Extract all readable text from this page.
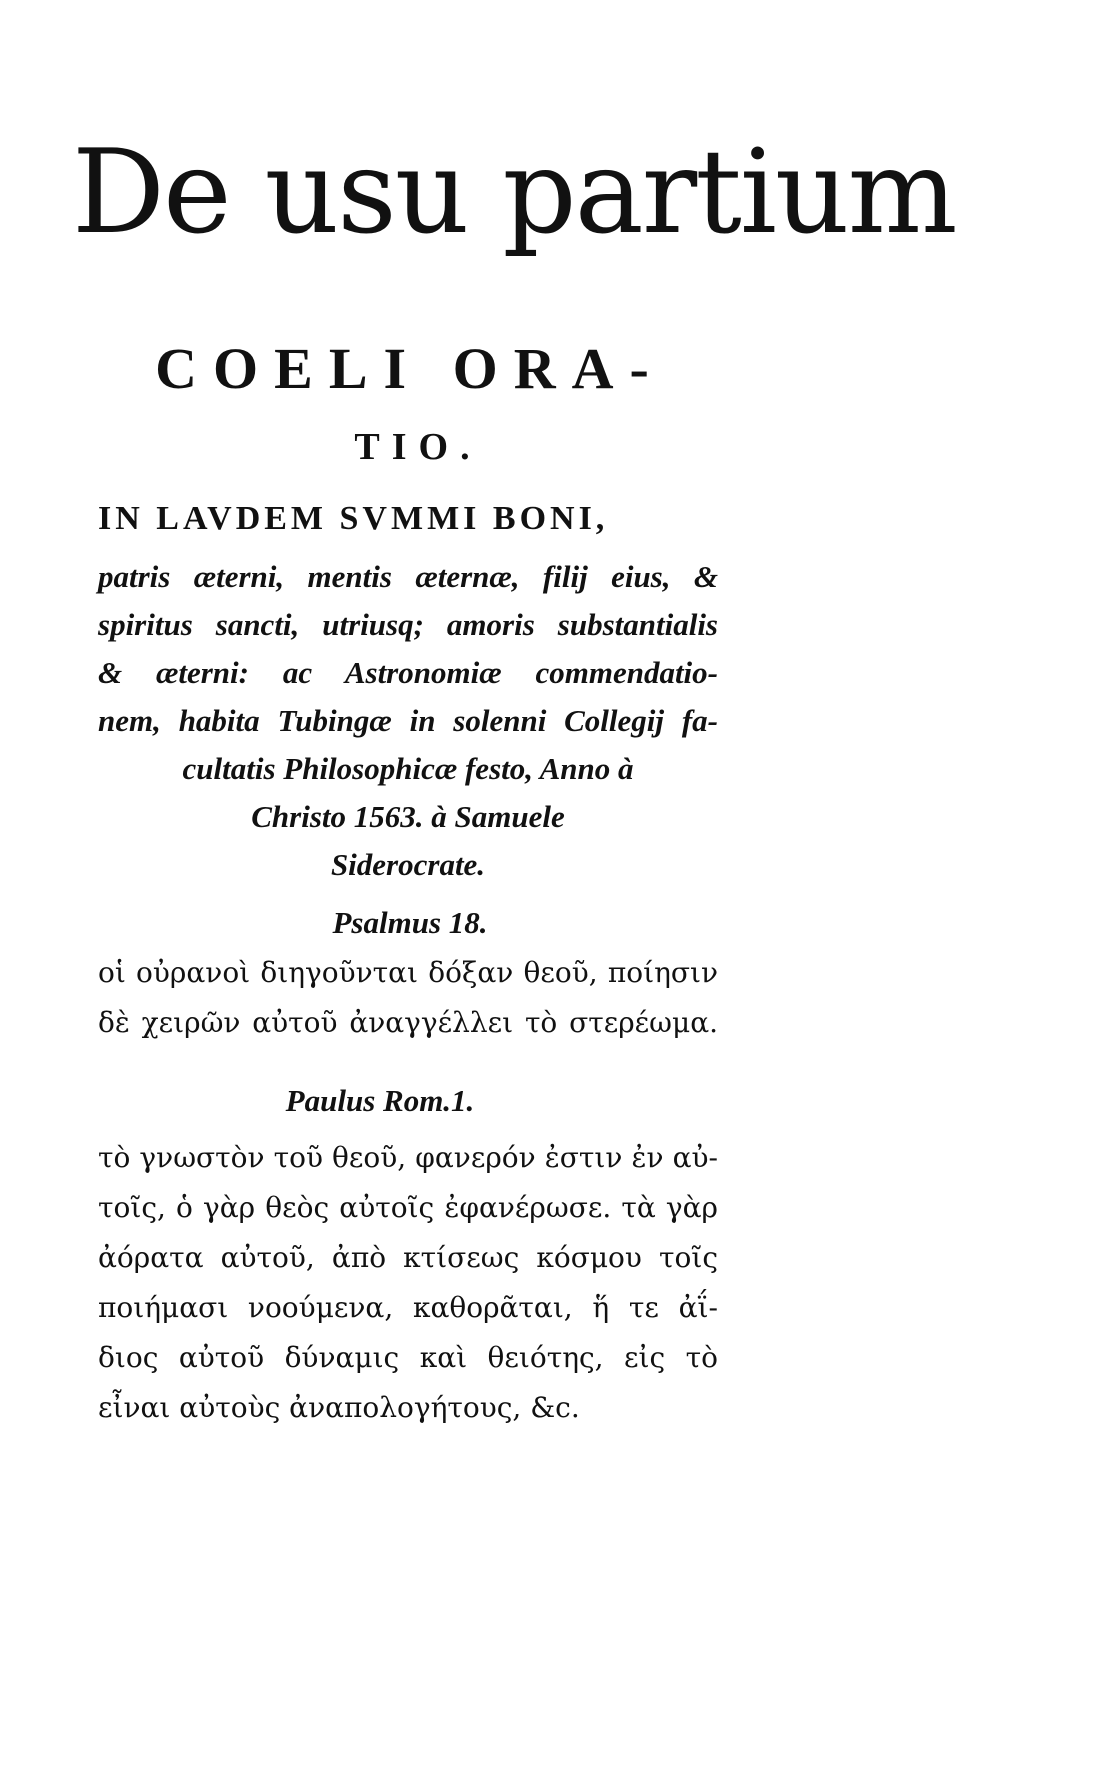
De usu partium
COELI ORA-
TIO.
IN LAVDEM SVMMI BONI,
patris æterni, mentis æternæ, filij eius, &
spiritus sancti, utriusq; amoris substantialis
& æterni: ac Astronomiæ commendatio-
nem, habita Tubingæ in solenni Collegij fa-
cultatis Philosophicæ festo, Anno à
Christo 1563. à Samuele
Siderocrate.
Psalmus 18.
οἱ οὐρανοὶ διηγοῦνται δόξαν θεοῦ, ποίησιν
δὲ χειρῶν αὐτοῦ ἀναγγέλλει τὸ στερέωμα.
Paulus Rom.1.
τὸ γνωστὸν τοῦ θεοῦ, φανερόν ἐστιν ἐν αὐ-
τοῖς, ὁ γὰρ θεὸς αὐτοῖς ἐφανέρωσε. τὰ γὰρ
ἀόρατα αὐτοῦ, ἀπὸ κτίσεως κόσμου τοῖς
ποιήμασι νοούμενα, καθορᾶται, ἥ τε ἀΐ-
διος αὐτοῦ δύναμις καὶ θειότης, εἰς τὸ
εἶναι αὐτοὺς ἀναπολογήτους, &c.
